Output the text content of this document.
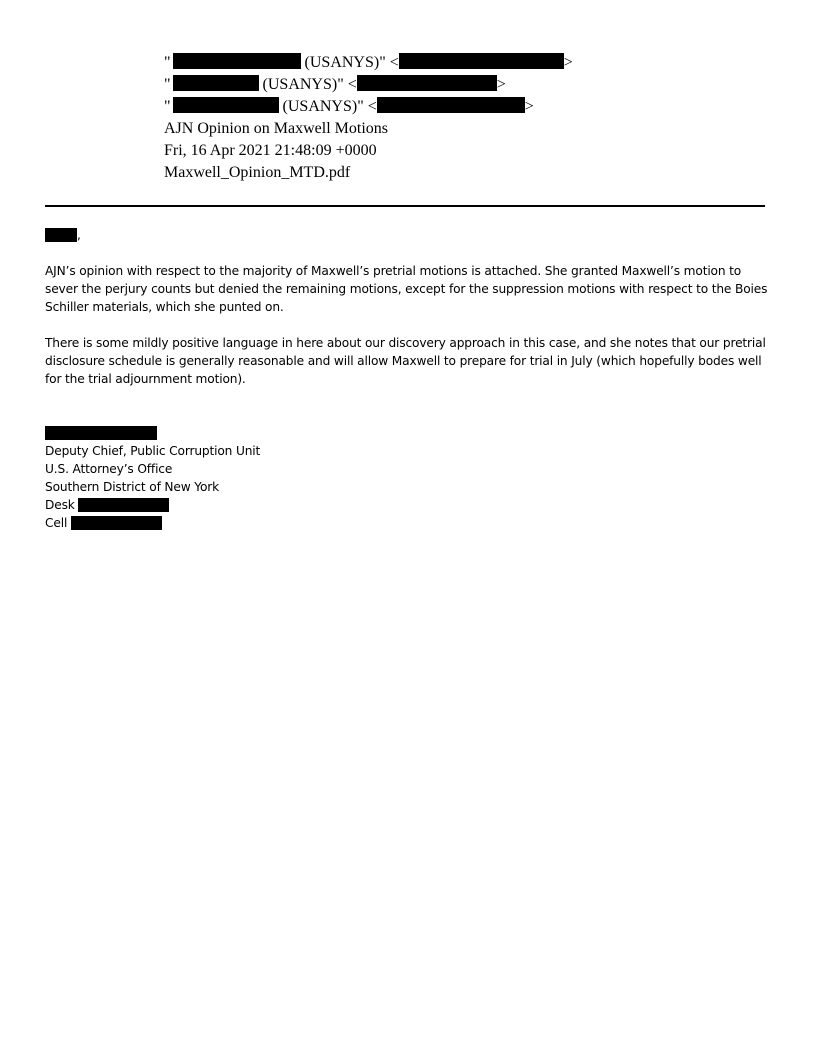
"	(USANYS)" <	>
"	(USANYS)" <	>
"	(USANYS)" <	>
AJN Opinion on Maxwell Motions
Fri, 16 Apr 2021 21:48:09 +0000
Maxwell_Opinion_MTD.pdf
,

AJN’s opinion with respect to the majority of Maxwell’s pretrial motions is attached. She granted Maxwell’s motion to sever the perjury counts but denied the remaining motions, except for the suppression motions with respect to the Boies Schiller materials, which she punted on.

There is some mildly positive language in here about our discovery approach in this case, and she notes that our pretrial disclosure schedule is generally reasonable and will allow Maxwell to prepare for trial in July (which hopefully bodes well for the trial adjournment motion).

Deputy Chief, Public Corruption Unit
U.S. Attorney’s Office
Southern District of New York
Desk
Cell
